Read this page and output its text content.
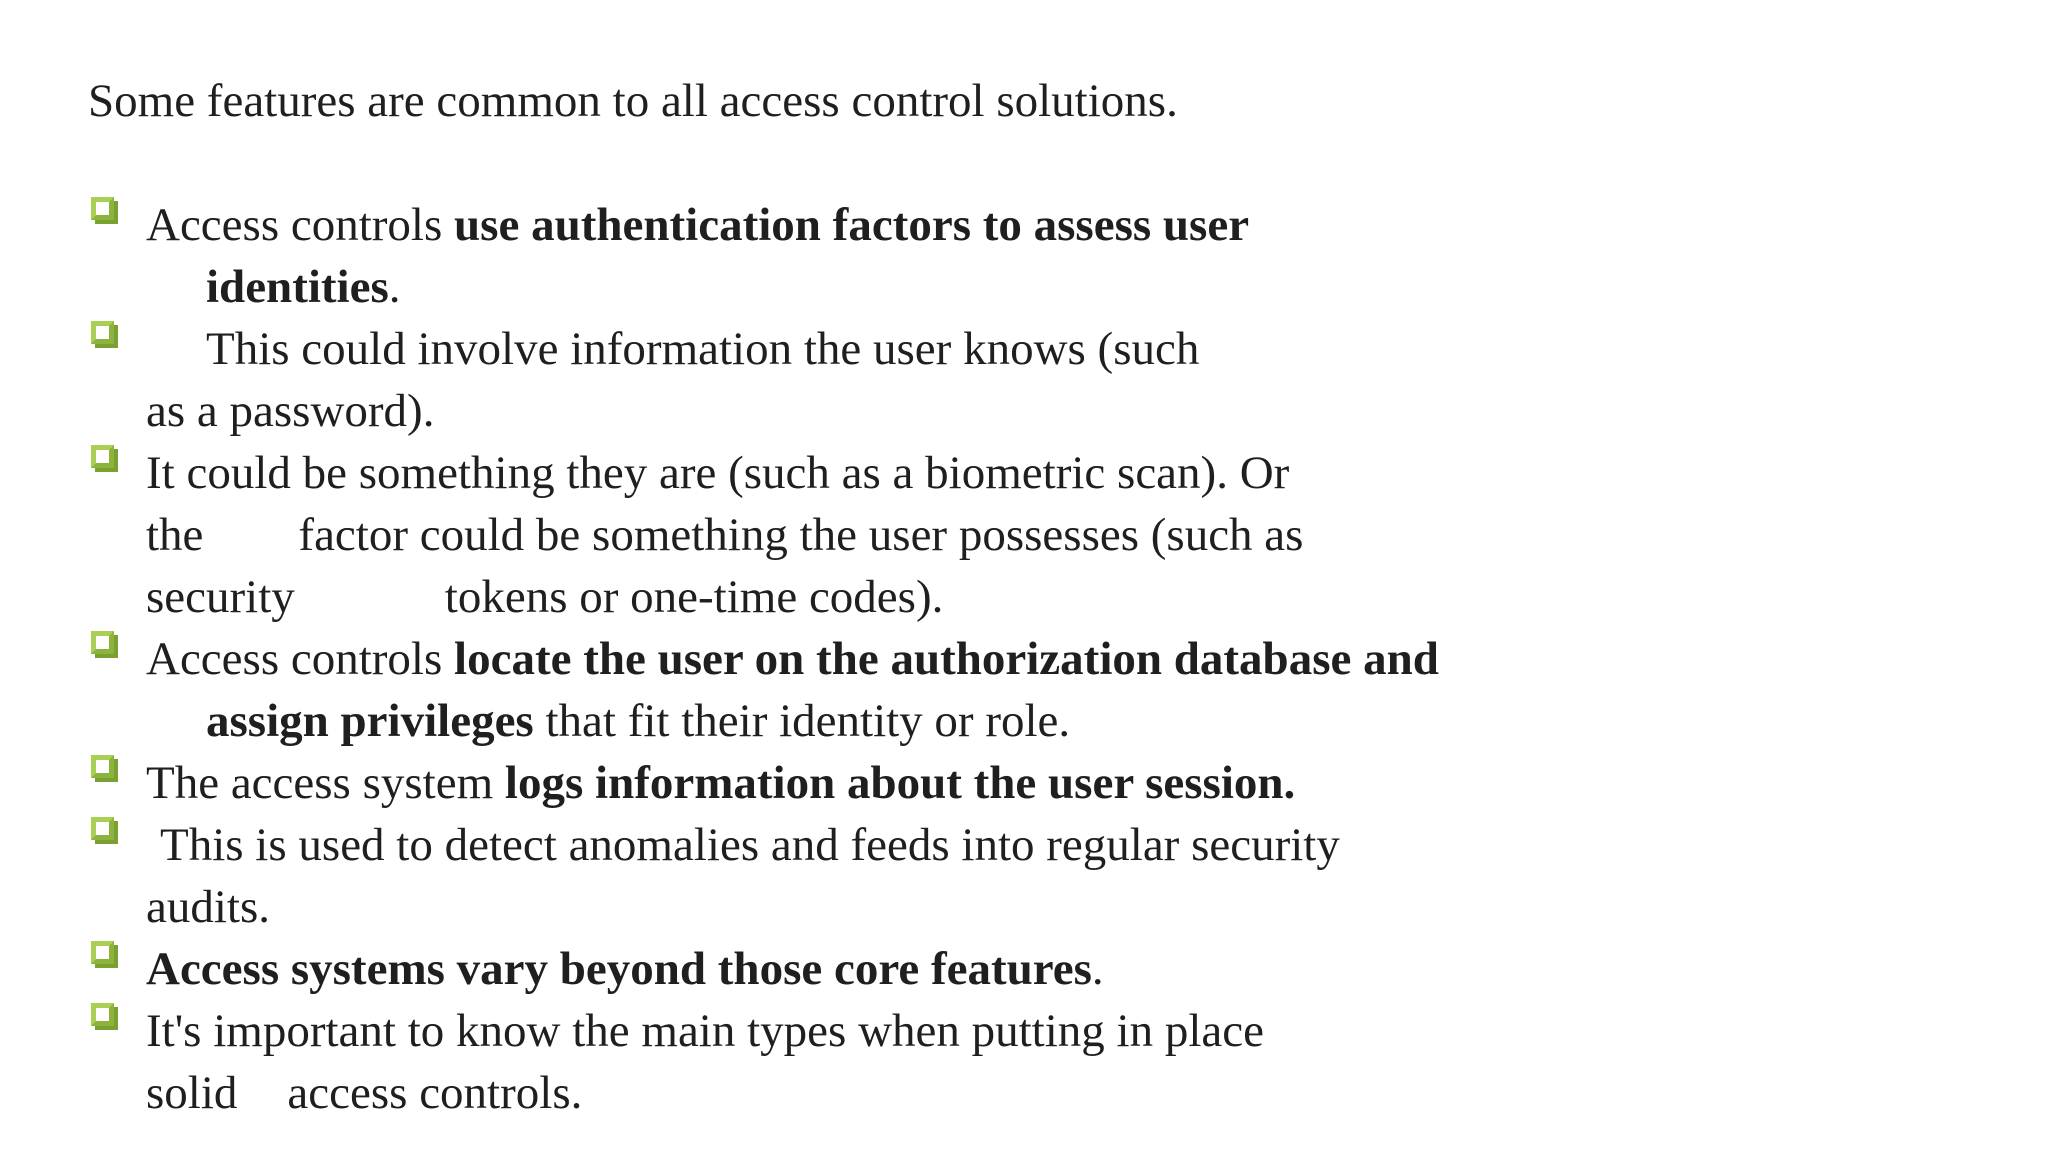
Some features are common to all access control solutions.
Access controls use authentication factors to assess user
identities.
This could involve information the user knows (such
as a password).
It could be something they are (such as a biometric scan). Or
the factor could be something the user possesses (such as
security	tokens or one-time codes).
Access controls locate the user on the authorization database and
assign privileges that fit their identity or role.
The access system logs information about the user session.
This is used to detect anomalies and feeds into regular security
audits.
Access systems vary beyond those core features.
It's important to know the main types when putting in place
solid access controls.
